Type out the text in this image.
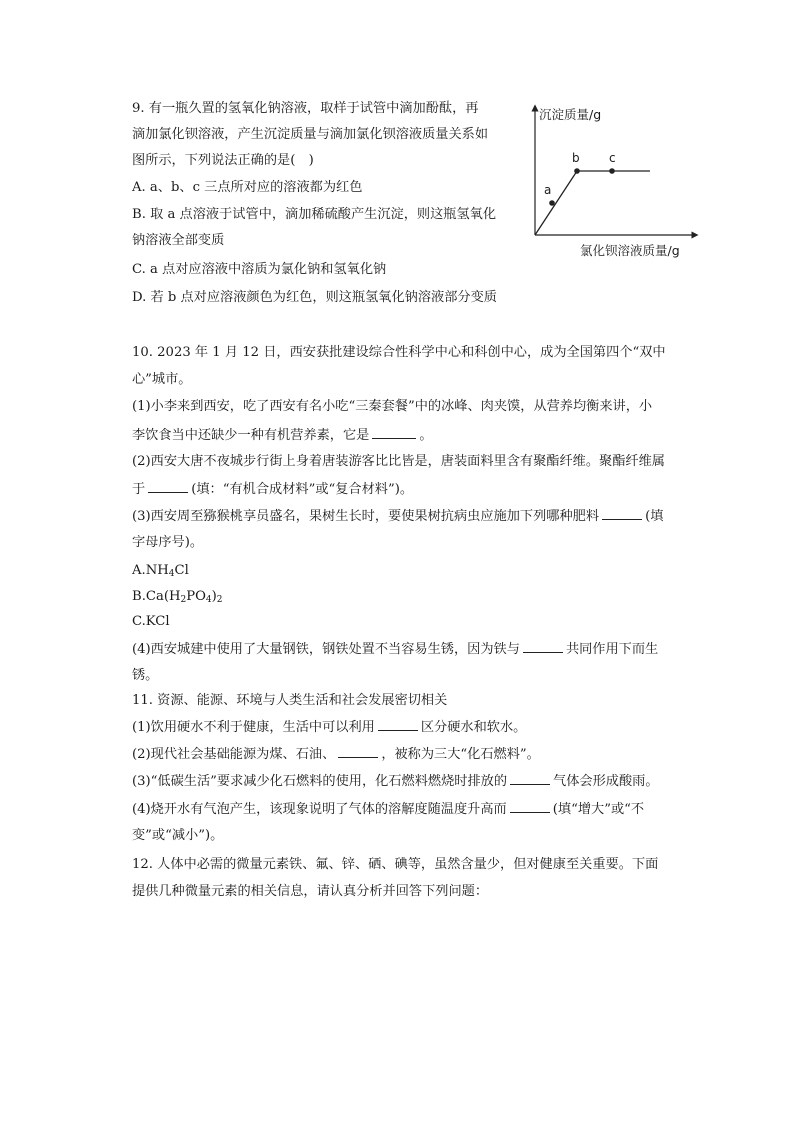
9. 有一瓶久置的氢氧化钠溶液，取样于试管中滴加酚酞，再
滴加氯化钡溶液，产生沉淀质量与滴加氯化钡溶液质量关系如
图所示，下列说法正确的是(　)
A. a、b、c 三点所对应的溶液都为红色
B. 取 a 点溶液于试管中，滴加稀硫酸产生沉淀，则这瓶氢氧化
钠溶液全部变质
C. a 点对应溶液中溶质为氯化钠和氢氧化钠
D. 若 b 点对应溶液颜色为红色，则这瓶氢氧化钠溶液部分变质
沉淀质量/g
氯化钡溶液质量/g
a
b c
10. 2023 年 1 月 12 日，西安获批建设综合性科学中心和科创中心，成为全国第四个“双中
心”城市。
(1)小李来到西安，吃了西安有名小吃“三秦套餐”中的冰峰、肉夹馍，从营养均衡来讲，小
李饮食当中还缺少一种有机营养素，它是	。
(2)西安大唐不夜城步行街上身着唐装游客比比皆是，唐装面料里含有聚酯纤维。聚酯纤维属
于	(填：“有机合成材料”或“复合材料”)。
(3)西安周至猕猴桃享员盛名，果树生长时，要使果树抗病虫应施加下列哪种肥料	(填
字母序号)。
$A.NH_4Cl$
$B.Ca(H_2PO_4)_2$
C.KCl
(4)西安城建中使用了大量钢铁，钢铁处置不当容易生锈，因为铁与	共同作用下而生
锈。
11. 资源、能源、环境与人类生活和社会发展密切相关
(1)饮用硬水不利于健康，生活中可以利用	区分硬水和软水。
(2)现代社会基础能源为煤、石油、	，被称为三大“化石燃料”。
(3)“低碳生活”要求减少化石燃料的使用，化石燃料燃烧时排放的	气体会形成酸雨。
(4)烧开水有气泡产生，该现象说明了气体的溶解度随温度升高而	(填“增大”或“不
变”或“减小”)。
12. 人体中必需的微量元素铁、氟、锌、硒、碘等，虽然含量少，但对健康至关重要。下面
提供几种微量元素的相关信息，请认真分析并回答下列问题：
